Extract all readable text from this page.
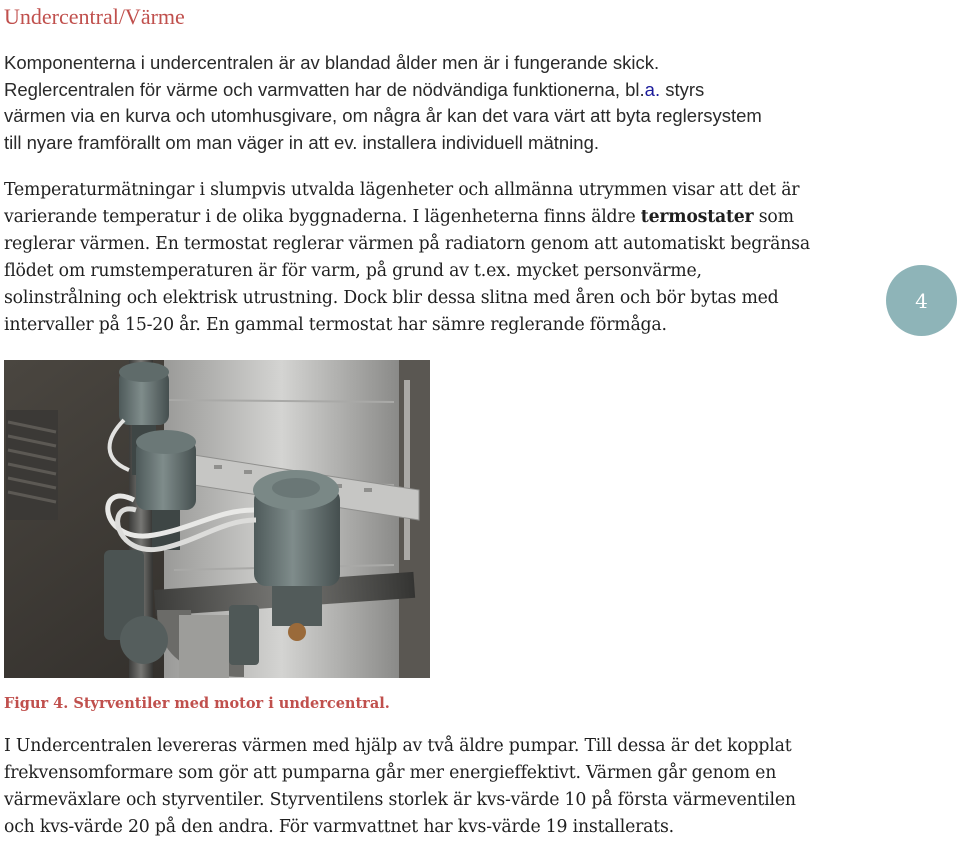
Undercentral/Värme
Komponenterna i undercentralen är av blandad ålder men är i fungerande skick.
Reglercentralen för värme och varmvatten har de nödvändiga funktionerna, bl.a. styrs
värmen via en kurva och utomhusgivare, om några år kan det vara värt att byta reglersystem
till nyare framförallt om man väger in att ev. installera individuell mätning.
Temperaturmätningar i slumpvis utvalda lägenheter och allmänna utrymmen visar att det är
varierande temperatur i de olika byggnaderna. I lägenheterna finns äldre termostater som
reglerar värmen. En termostat reglerar värmen på radiatorn genom att automatiskt begränsa
flödet om rumstemperaturen är för varm, på grund av t.ex. mycket personvärme,
solinstrålning och elektrisk utrustning. Dock blir dessa slitna med åren och bör bytas med
intervaller på 15-20 år. En gammal termostat har sämre reglerande förmåga.
4

Figur 4. Styrventiler med motor i undercentral.

I Undercentralen levereras värmen med hjälp av två äldre pumpar. Till dessa är det kopplat
frekvensomformare som gör att pumparna går mer energieffektivt. Värmen går genom en
värmeväxlare och styrventiler. Styrventilens storlek är kvs-värde 10 på första värmeventilen
och kvs-värde 20 på den andra. För varmvattnet har kvs-värde 19 installerats.
